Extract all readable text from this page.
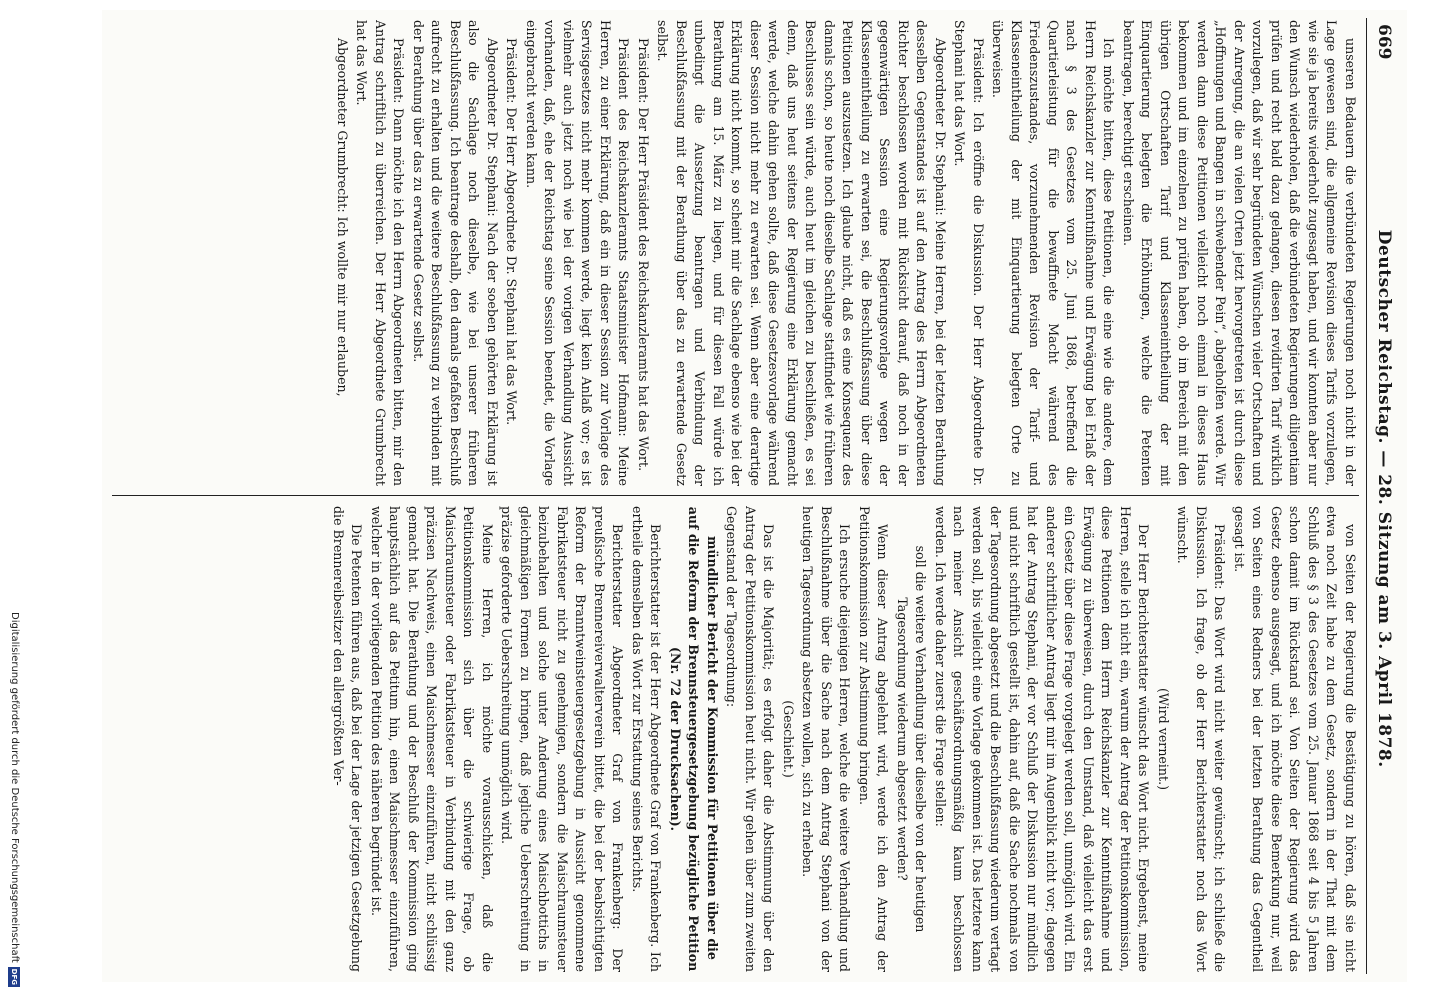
669
Deutscher Reichstag. — 28. Sitzung am 3. April 1878.

unseren Bedauern die verbündeten Regierungen noch nicht in der Lage gewesen sind, die allgemeine Revision dieses Tarifs vorzulegen, wie sie ja bereits wiederholt zugesagt haben, und wir konnten aber nur den Wunsch wiederholen, daß die verbündeten Regierungen diligentiam prüfen und recht bald dazu gelangen, diesen revidirten Tarif wirklich vorzulegen, daß wir sehr begründeten Wünschen vieler Ortschaften und der Anregung, die an vielen Orten jetzt hervorgetreten ist durch diese „Hoffnungen und Bangen in schwebender Pein“, abgeholfen werde. Wir werden dann diese Petitionen vielleicht noch einmal in dieses Haus bekommen und im einzelnen zu prüfen haben, ob im Bereich mit den übrigen Ortschaften Tarif und Klasseneintheilung der mit Einquartierung belegten die Erhöhungen, welche die Petenten beantragen, berechtigt erscheinen.

Ich möchte bitten, diese Petitionen, die eine wie die andere, dem Herrn Reichskanzler zur Kenntnißnahme und Erwägung bei Erlaß der nach § 3 des Gesetzes vom 25. Juni 1868, betreffend die Quartierleistung für die bewaffnete Macht während des Friedenszustandes, vorzunehmenden Revision der Tarif- und Klasseneintheilung der mit Einquartierung belegten Orte zu überweisen.

Präsident: Ich eröffne die Diskussion. Der Herr Abgeordnete Dr. Stephani hat das Wort.

Abgeordneter Dr. Stephani: Meine Herren, bei der letzten Berathung desselben Gegenstandes ist auf den Antrag des Herrn Abgeordneten Richter beschlossen worden mit Rücksicht darauf, daß noch in der gegenwärtigen Session eine Regierungsvorlage wegen der Klasseneintheilung zu erwarten sei, die Beschlußfassung über diese Petitionen auszusetzen. Ich glaube nicht, daß es eine Konsequenz des damals schon, so heute noch dieselbe Sachlage stattfindet wie früheren Beschlusses sein würde, auch heut im gleichen zu beschließen, es sei denn, daß uns heut seitens der Regierung eine Erklärung gemacht werde, welche dahin gehen sollte, daß diese Gesetzesvorlage während dieser Session nicht mehr zu erwarten sei. Wenn aber eine derartige Erklärung nicht kommt, so scheint mir die Sachlage ebenso wie bei der Berathung am 15. März zu liegen, und für diesen Fall würde ich unbedingt die Aussetzung beantragen und Verbindung der Beschlußfassung mit der Berathung über das zu erwartende Gesetz selbst.

Präsident: Der Herr Präsident des Reichskanzleramts hat das Wort.

Präsident des Reichskanzleramts Staatsminister Hofmann: Meine Herren, zu einer Erklärung, daß ein in dieser Session zur Vorlage des Servisgesetzes nicht mehr kommen werde, liegt kein Anlaß vor; es ist vielmehr auch jetzt noch wie bei der vorigen Verhandlung Aussicht vorhanden, daß, ehe der Reichstag seine Session beendet, die Vorlage eingebracht werden kann.

Präsident: Der Herr Abgeordnete Dr. Stephani hat das Wort.

Abgeordneter Dr. Stephani: Nach der soeben gehörten Erklärung ist also die Sachlage noch dieselbe, wie bei unserer früheren Beschlußfassung. Ich beantrage deshalb, den damals gefaßten Beschluß aufrecht zu erhalten und die weitere Beschlußfassung zu verbinden mit der Berathung über das zu erwartende Gesetz selbst.

Präsident: Dann möchte ich den Herrn Abgeordneten bitten, mir den Antrag schriftlich zu überreichen. Der Herr Abgeordnete Grumbrecht hat das Wort.

Abgeordneter Grumbrecht: Ich wollte mir nur erlauben,

von Seiten der Regierung die Bestätigung zu hören, daß sie nicht etwa noch Zeit habe zu dem Gesetz, sondern in der That mit dem Schluß des § 3 des Gesetzes vom 25. Januar 1868 seit 4 bis 5 Jahren schon damit im Rückstand sei. Von Seiten der Regierung wird das Gesetz ebenso ausgesagt, und ich möchte diese Bemerkung nur, weil von Seiten eines Redners bei der letzten Berathung das Gegentheil gesagt ist.

Präsident: Das Wort wird nicht weiter gewünscht; ich schließe die Diskussion. Ich frage, ob der Herr Berichterstatter noch das Wort wünscht.

(Wird verneint.)

Der Herr Berichterstatter wünscht das Wort nicht. Ergebenst, meine Herren, stelle ich nicht ein, warum der Antrag der Petitionskommission, diese Petitionen dem Herrn Reichskanzler zur Kenntnißnahme und Erwägung zu überweisen, durch den Umstand, daß vielleicht das erst ein Gesetz über diese Frage vorgelegt werden soll, unmöglich wird. Ein anderer schriftlicher Antrag liegt mir im Augenblick nicht vor; dagegen hat der Antrag Stephani, der vor Schluß der Diskussion nur mündlich und nicht schriftlich gestellt ist, dahin auf, daß die Sache nochmals von der Tagesordnung abgesetzt und die Beschlußfassung wiederum vertagt werden soll, bis vielleicht eine Vorlage gekommen ist. Das letztere kann nach meiner Ansicht geschäftsordnungsmäßig kaum beschlossen werden. Ich werde daher zuerst die Frage stellen:

soll die weitere Verhandlung über dieselbe von der heutigen Tagesordnung wiederum abgesetzt werden?

Wenn dieser Antrag abgelehnt wird, werde ich den Antrag der Petitionskommission zur Abstimmung bringen.

Ich ersuche diejenigen Herren, welche die weitere Verhandlung und Beschlußnahme über die Sache nach dem Antrag Stephani von der heutigen Tagesordnung absetzen wollen, sich zu erheben.

(Geschieht.)

Das ist die Majorität; es erfolgt daher die Abstimmung über den Antrag der Petitionskommission heut nicht. Wir gehen über zum zweiten Gegenstand der Tagesordnung:

mündlicher Bericht der Kommission für Petitionen über die auf die Reform der Brennsteuergesetzgebung bezügliche Petition (Nr. 72 der Drucksachen).

Berichterstatter ist der Herr Abgeordnete Graf von Frankenberg. Ich ertheile demselben das Wort zur Erstattung seines Berichts.

Berichterstatter Abgeordneter Graf von Frankenberg: Der preußische Brennereiverwalterverein bittet, die bei der beabsichtigten Reform der Branntweinsteuergesetzgebung in Aussicht genommene Fabrikatsteuer nicht zu genehmigen, sondern die Maischraumsteuer beizubehalten und solche unter Anderung eines Maischbottichs in gleichmäßigen Formen zu bringen, daß jegliche Ueberschreitung in präzise geforderte Ueberschreitung unmöglich wird.

Meine Herren, ich möchte vorausschicken, daß die Petitionskommission sich über die schwierige Frage, ob Maischraumsteuer oder Fabrikatsteuer in Verbindung mit den ganz präzisen Nachweis, einen Maischmesser einzuführen, nicht schlüssig gemacht hat. Die Berathung und der Beschluß der Kommission ging hauptsächlich auf das Petitum hin, einen Maischmesser einzuführen, welcher in der vorliegenden Petition des näheren begründet ist.

Die Petenten führen aus, daß bei der Lage der jetzigen Gesetzgebung die Brennereibesitzer den allergrößten Ver-

Digitalisierung gefördert durch die Deutsche Forschungsgemeinschaft
DFG
